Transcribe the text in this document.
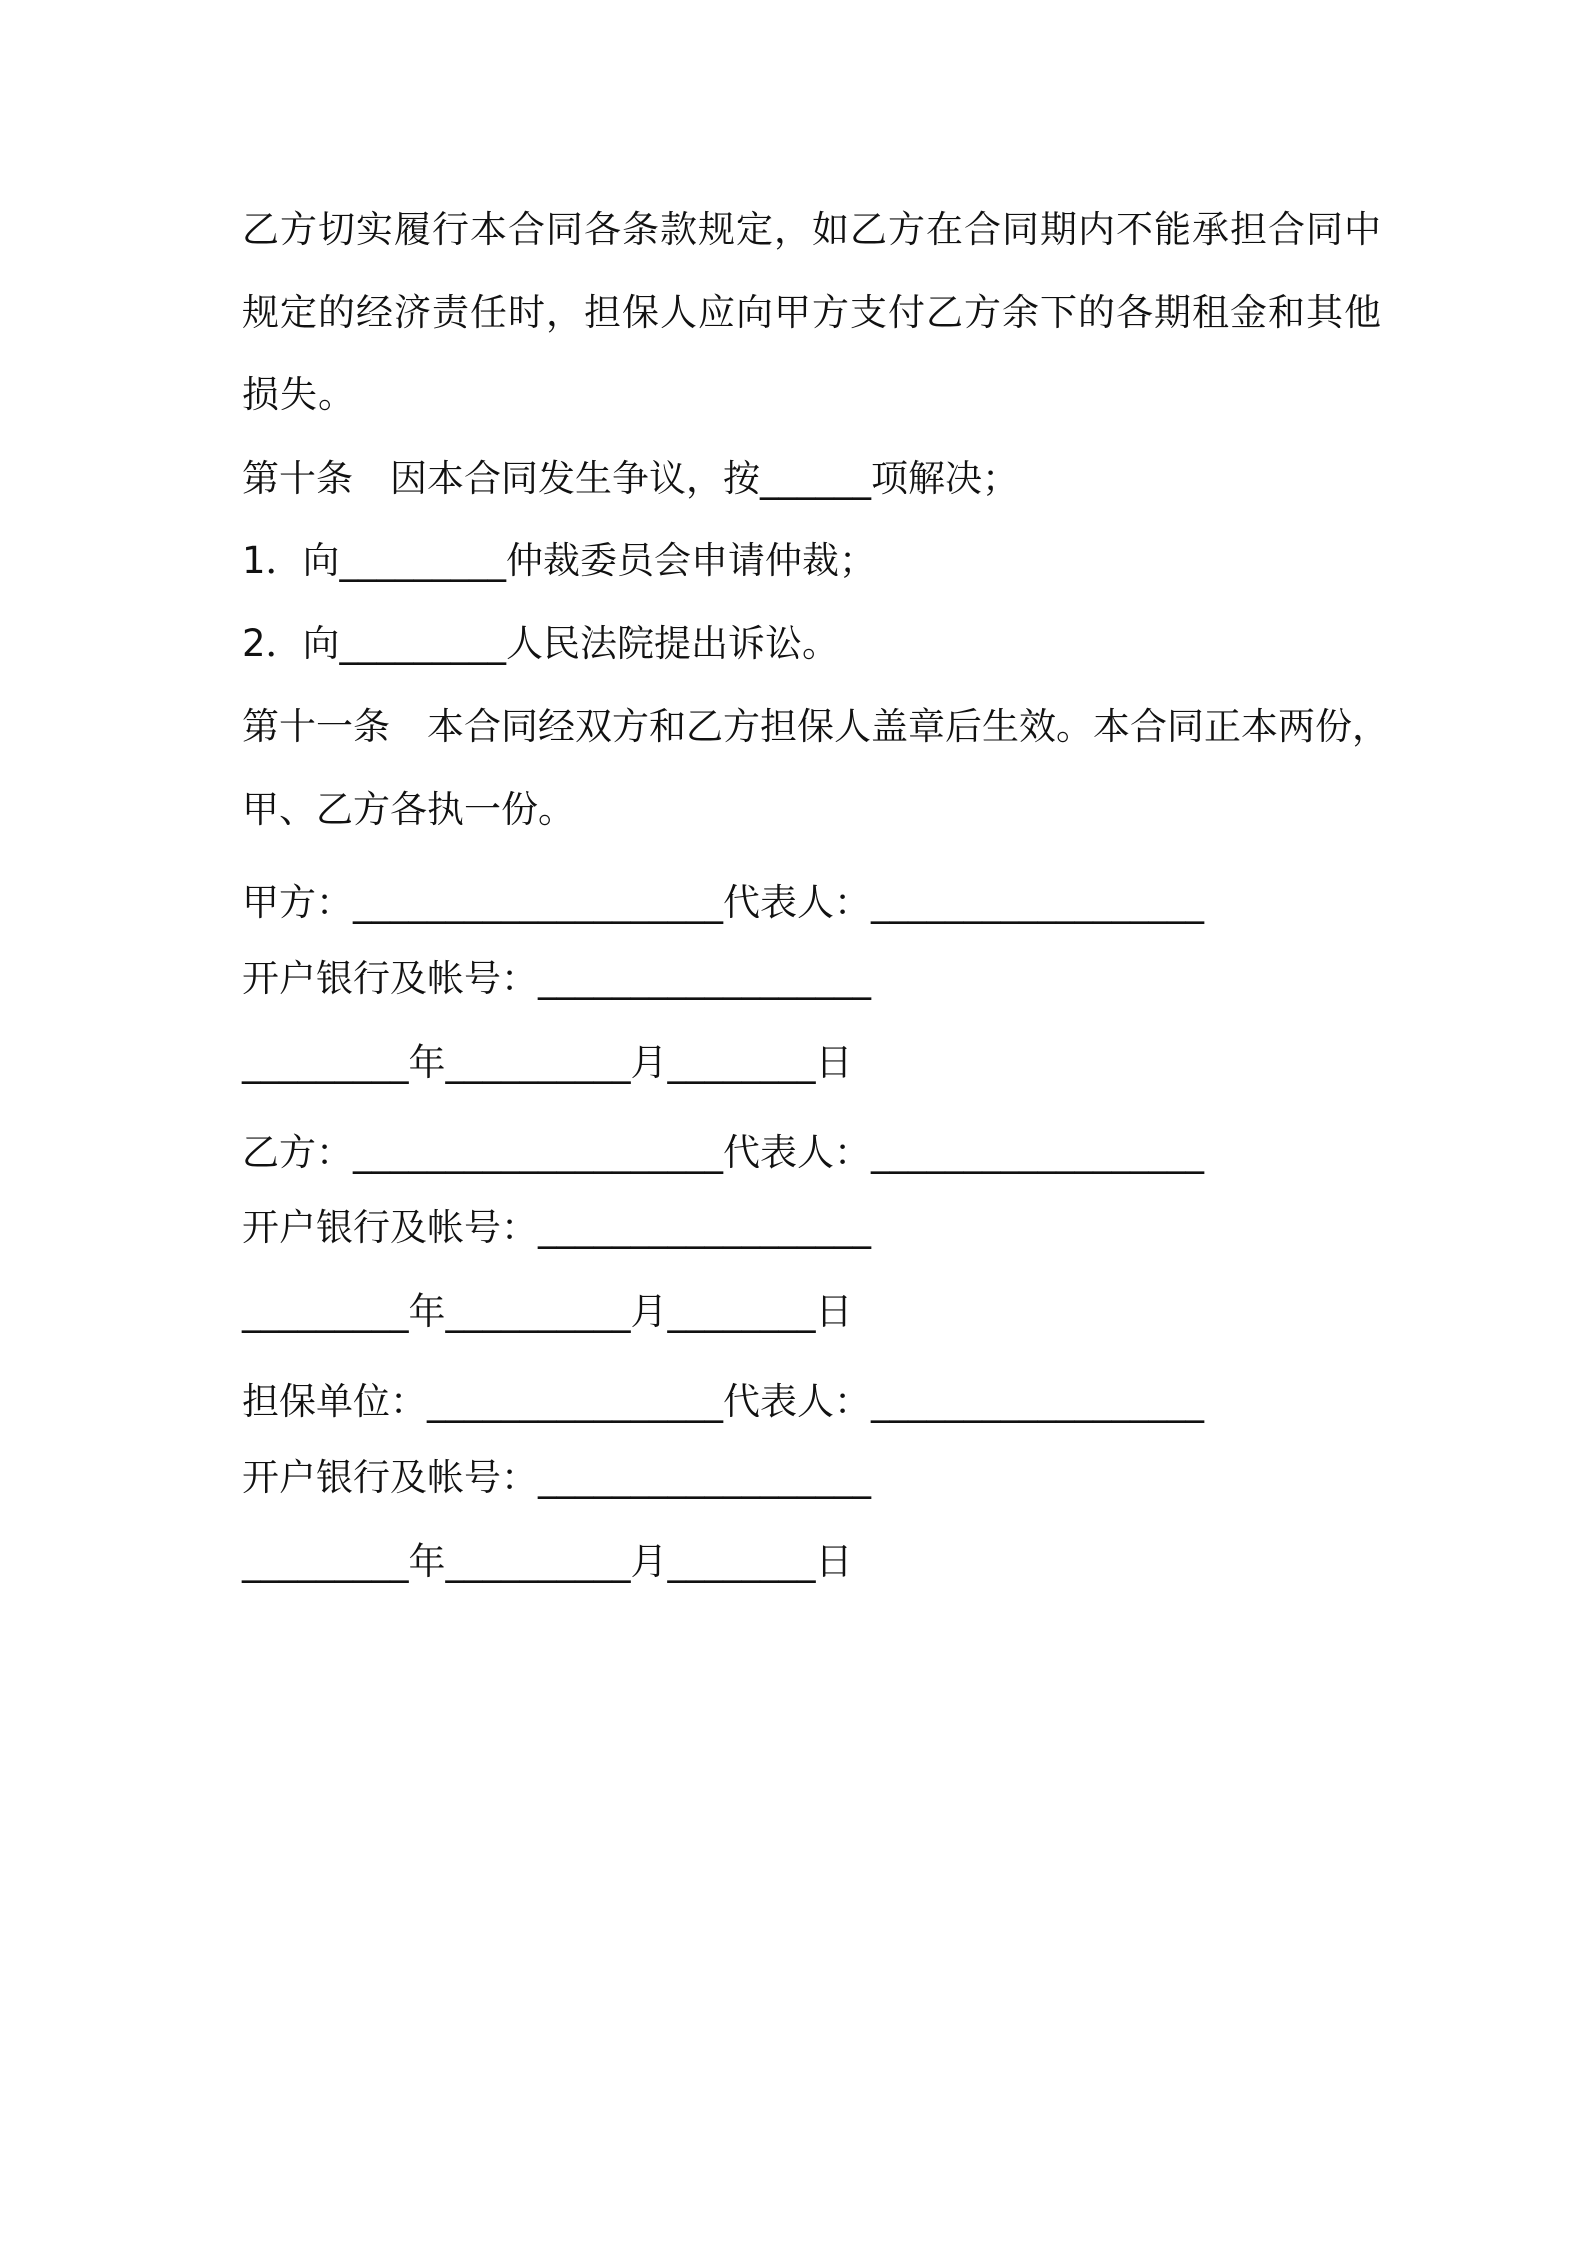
乙方切实履行本合同各条款规定，如乙方在合同期内不能承担合同中
规定的经济责任时，担保人应向甲方支付乙方余下的各期租金和其他
损失。
第十条　因本合同发生争议，按______项解决；
1．向_________仲裁委员会申请仲裁；
2．向_________人民法院提出诉讼。
第十一条　本合同经双方和乙方担保人盖章后生效。本合同正本两份，
甲、乙方各执一份。
甲方：____________________代表人：__________________
开户银行及帐号：__________________
_________年__________月________日
乙方：____________________代表人：__________________
开户银行及帐号：__________________
_________年__________月________日
担保单位：________________代表人：__________________
开户银行及帐号：__________________
_________年__________月________日
